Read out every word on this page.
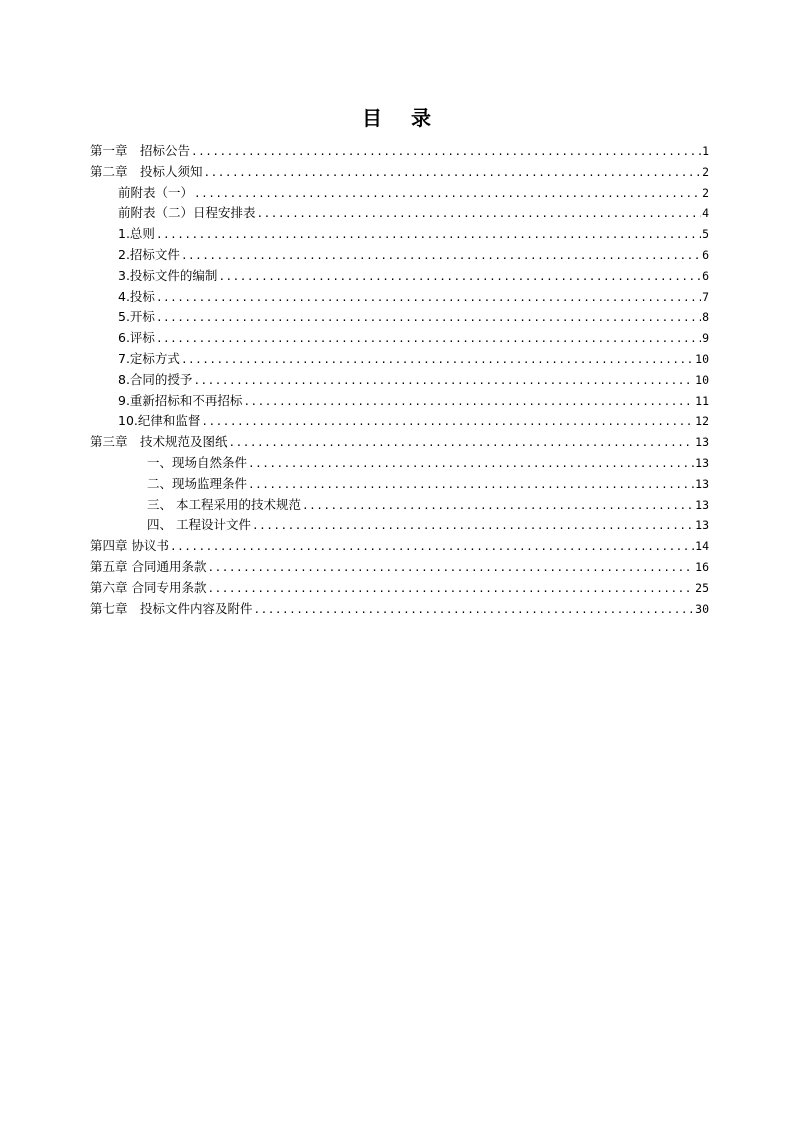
目 录
第一章　招标公告 .....	1
第二章　投标人须知 .....	2
前附表（一） .....	2
前附表（二）日程安排表 .....	4
1.总则 .....	5
2.招标文件 .....	6
3.投标文件的编制 .....	6
4.投标 .....	7
5.开标 .....	8
6.评标 .....	9
7.定标方式 .....	10
8.合同的授予 .....	10
9.重新招标和不再招标 .....	11
10.纪律和监督 .....	12
第三章　技术规范及图纸 .....	13
一、现场自然条件 .....	13
二、现场监理条件 .....	13
三、 本工程采用的技术规范 .....	13
四、 工程设计文件 .....	13
第四章 协议书 .....	14
第五章 合同通用条款 .....	16
第六章 合同专用条款 .....	25
第七章　投标文件内容及附件 .....	30
